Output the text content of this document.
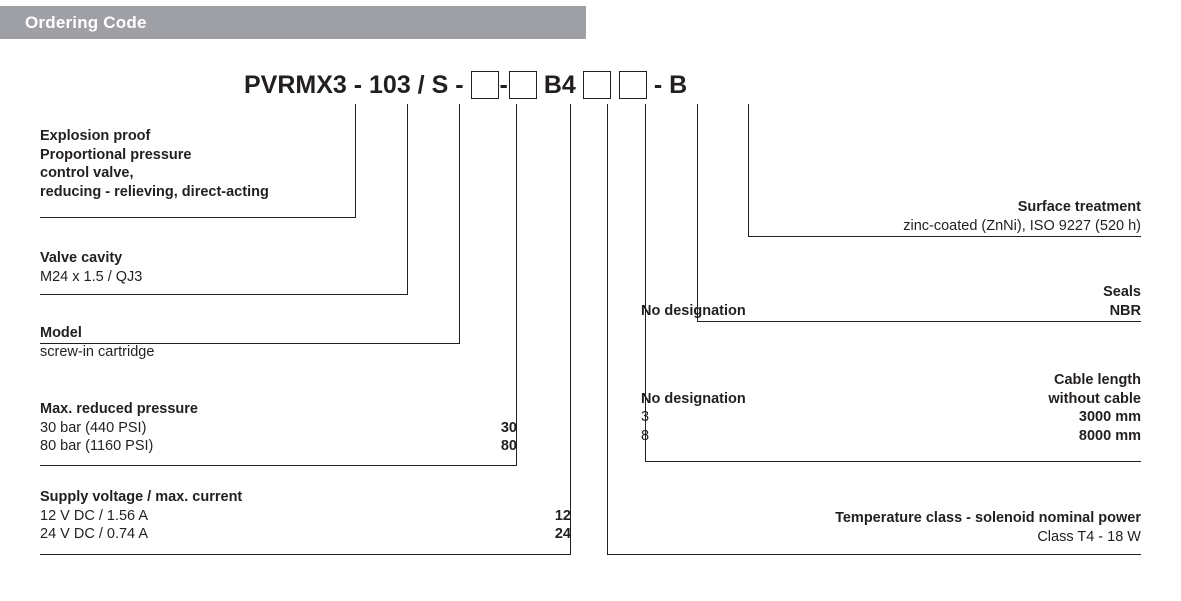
Ordering Code
PVRMX3 - 103 / S - - B4	- B
Explosion proof
Proportional pressure
control valve,
reducing - relieving, direct-acting
Valve cavity
M24 x 1.5 / QJ3
Model
screw-in cartridge
Max. reduced pressure
30 bar (440 PSI)	30
80 bar (1160 PSI)	80
Supply voltage / max. current
12 V DC / 1.56 A	12
24 V DC / 0.74 A	24
Surface treatment
zinc-coated (ZnNi), ISO 9227 (520 h)
Seals
No designation	NBR
Cable length
No designation	without cable
3	3000 mm
8	8000 mm
Temperature class - solenoid nominal power
Class T4 - 18 W
